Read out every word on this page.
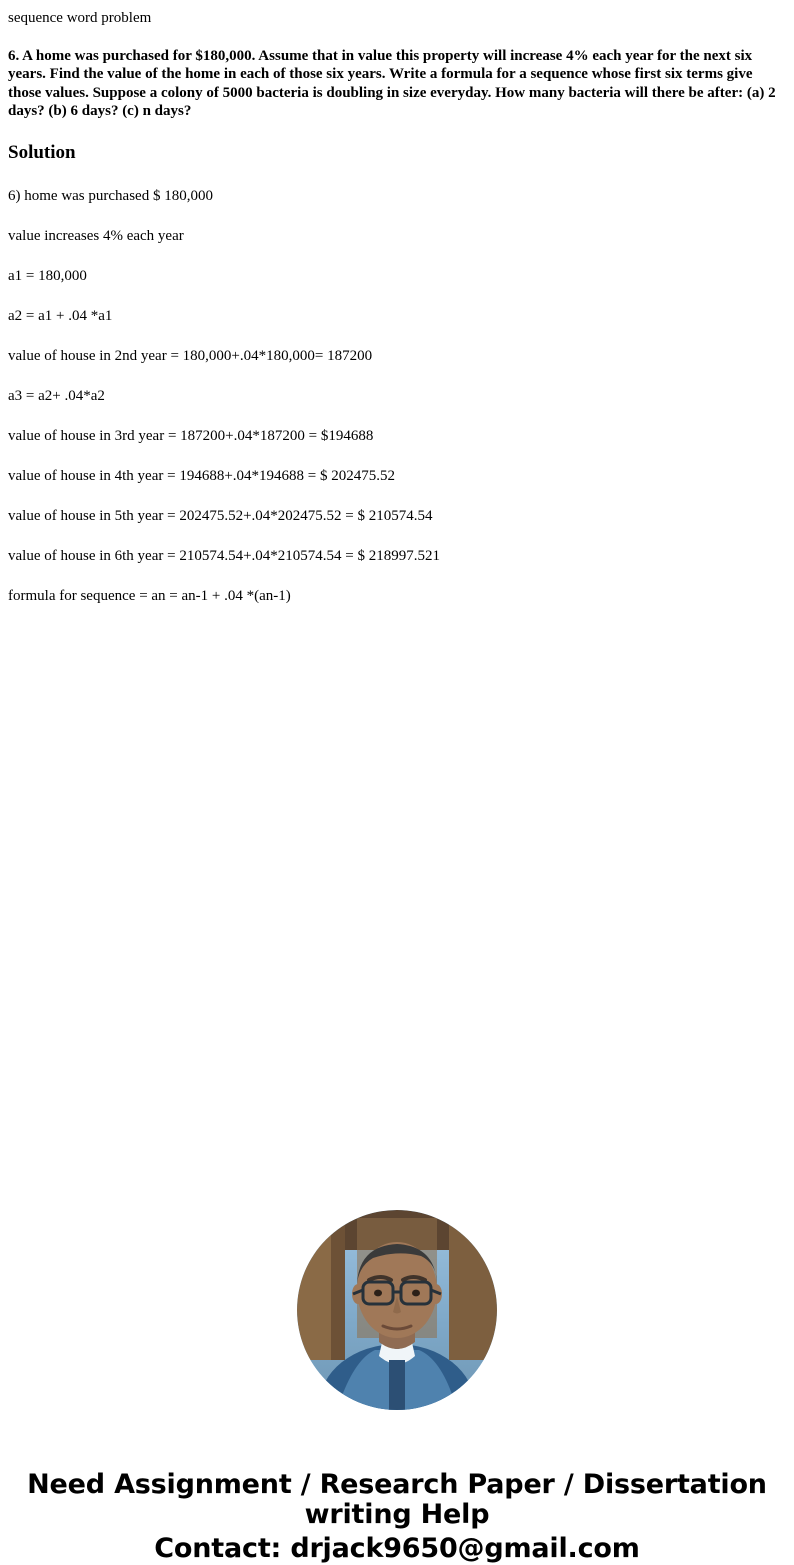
sequence word problem
6. A home was purchased for $180,000. Assume that in value this property will increase 4% each year for the next six years. Find the value of the home in each of those six years. Write a formula for a sequence whose first six terms give those values. Suppose a colony of 5000 bacteria is doubling in size everyday. How many bacteria will there be after: (a) 2 days? (b) 6 days? (c) n days?
Solution
6) home was purchased $ 180,000
value increases 4% each year
a1 = 180,000
a2 = a1 + .04 *a1
value of house in 2nd year = 180,000+.04*180,000= 187200
a3 = a2+ .04*a2
value of house in 3rd year = 187200+.04*187200 = $194688
value of house in 4th year = 194688+.04*194688 = $ 202475.52
value of house in 5th year = 202475.52+.04*202475.52 = $ 210574.54
value of house in 6th year = 210574.54+.04*210574.54 = $ 218997.521
formula for sequence = an = an-1 + .04 *(an-1)
Need Assignment / Research Paper / Dissertation
writing Help
Contact: drjack9650@gmail.com
